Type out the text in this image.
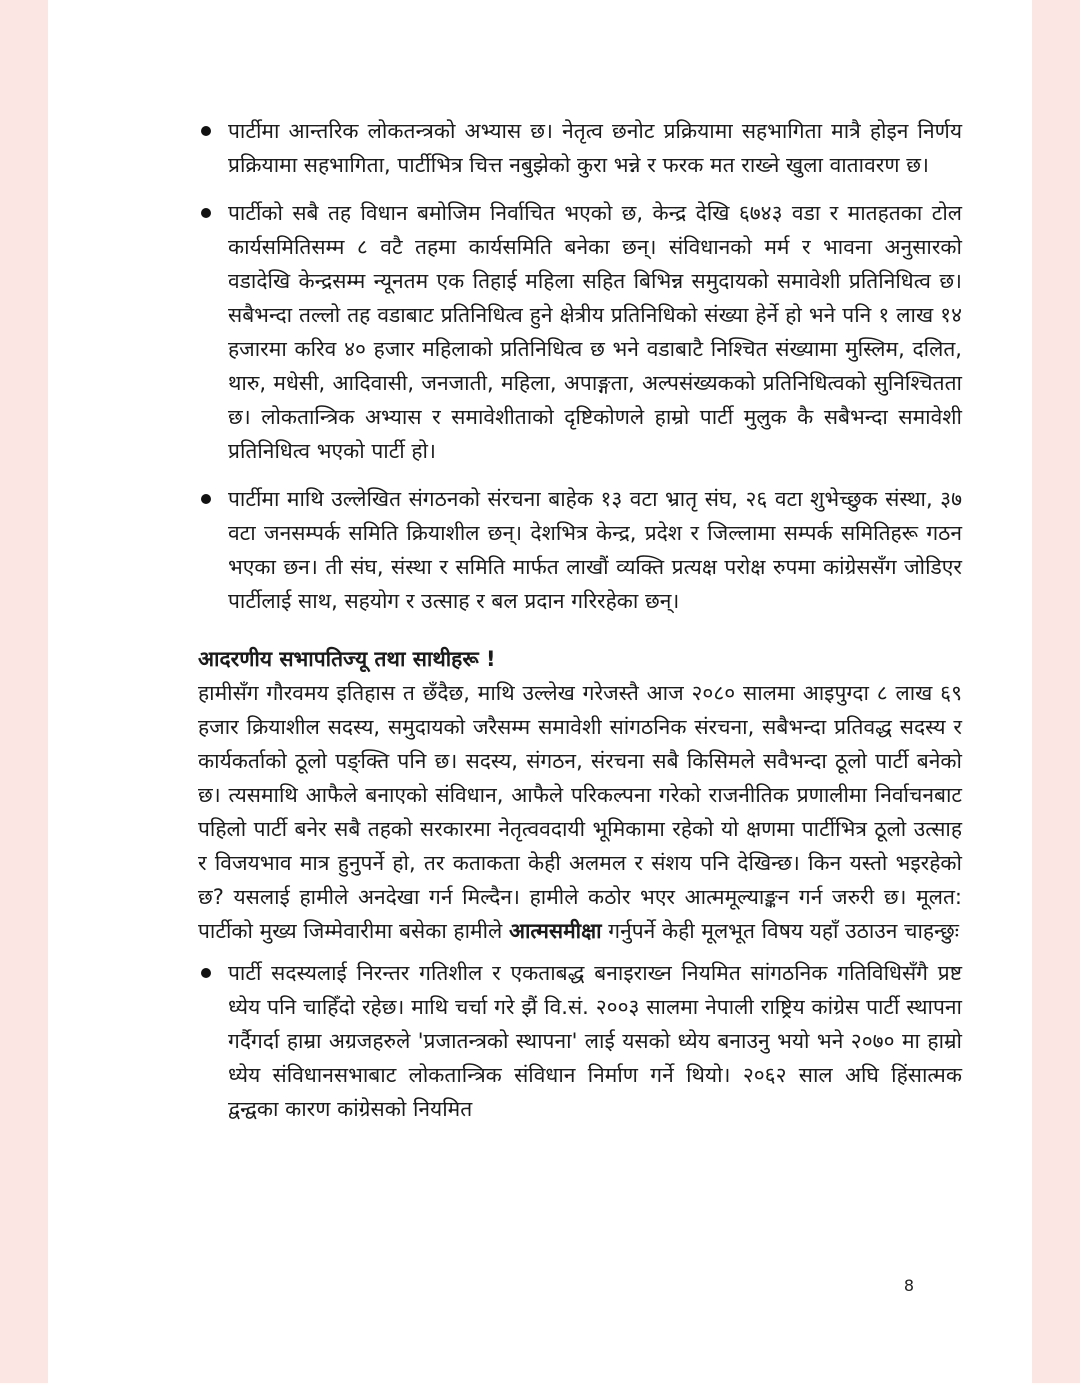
पार्टीमा आन्तरिक लोकतन्त्रको अभ्यास छ। नेतृत्व छनोट प्रक्रियामा सहभागिता मात्रै होइन निर्णय प्रक्रियामा सहभागिता, पार्टीभित्र चित्त नबुझेको कुरा भन्ने र फरक मत राख्ने खुला वातावरण छ।
पार्टीको सबै तह विधान बमोजिम निर्वाचित भएको छ, केन्द्र देखि ६७४३ वडा र मातहतका टोल कार्यसमितिसम्म ८ वटै तहमा कार्यसमिति बनेका छन्। संविधानको मर्म र भावना अनुसारको वडादेखि केन्द्रसम्म न्यूनतम एक तिहाई महिला सहित बिभिन्न समुदायको समावेशी प्रतिनिधित्व छ। सबैभन्दा तल्लो तह वडाबाट प्रतिनिधित्व हुने क्षेत्रीय प्रतिनिधिको संख्या हेर्ने हो भने पनि १ लाख १४ हजारमा करिव ४० हजार महिलाको प्रतिनिधित्व छ भने वडाबाटै निश्चित संख्यामा मुस्लिम, दलित, थारु, मधेसी, आदिवासी, जनजाती, महिला, अपाङ्गता, अल्पसंख्यकको प्रतिनिधित्वको सुनिश्चितता छ। लोकतान्त्रिक अभ्यास र समावेशीताको दृष्टिकोणले हाम्रो पार्टी मुलुक कै सबैभन्दा समावेशी प्रतिनिधित्व भएको पार्टी हो।
पार्टीमा माथि उल्लेखित संगठनको संरचना बाहेक १३ वटा भ्रातृ संघ, २६ वटा शुभेच्छुक संस्था, ३७ वटा जनसम्पर्क समिति क्रियाशील छन्। देशभित्र केन्द्र, प्रदेश र जिल्लामा सम्पर्क समितिहरू गठन भएका छन। ती संघ, संस्था र समिति मार्फत लाखौं व्यक्ति प्रत्यक्ष परोक्ष रुपमा कांग्रेससँग जोडिएर पार्टीलाई साथ, सहयोग र उत्साह र बल प्रदान गरिरहेका छन्।
आदरणीय सभापतिज्यू तथा साथीहरू !

हामीसँग गौरवमय इतिहास त छँदैछ, माथि उल्लेख गरेजस्तै आज २०८० सालमा आइपुग्दा ८ लाख ६९ हजार क्रियाशील सदस्य, समुदायको जरैसम्म समावेशी सांगठनिक संरचना, सबैभन्दा प्रतिवद्ध सदस्य र कार्यकर्ताको ठूलो पङ्क्ति पनि छ। सदस्य, संगठन, संरचना सबै किसिमले सवैभन्दा ठूलो पार्टी बनेको छ। त्यसमाथि आफैले बनाएको संविधान, आफैले परिकल्पना गरेको राजनीतिक प्रणालीमा निर्वाचनबाट पहिलो पार्टी बनेर सबै तहको सरकारमा नेतृत्ववदायी भूमिकामा रहेको यो क्षणमा पार्टीभित्र ठूलो उत्साह र विजयभाव मात्र हुनुपर्ने हो, तर कताकता केही अलमल र संशय पनि देखिन्छ। किन यस्तो भइरहेको छ? यसलाई हामीले अनदेखा गर्न मिल्दैन। हामीले कठोर भएर आत्ममूल्याङ्कन गर्न जरुरी छ। मूलत: पार्टीको मुख्य जिम्मेवारीमा बसेका हामीले आत्मसमीक्षा गर्नुपर्ने केही मूलभूत विषय यहाँ उठाउन चाहन्छुः

पार्टी सदस्यलाई निरन्तर गतिशील र एकताबद्ध बनाइराख्न नियमित सांगठनिक गतिविधिसँगै प्रष्ट ध्येय पनि चाहिँदो रहेछ। माथि चर्चा गरे झैं वि.सं. २००३ सालमा नेपाली राष्ट्रिय कांग्रेस पार्टी स्थापना गर्दैगर्दा हाम्रा अग्रजहरुले 'प्रजातन्त्रको स्थापना' लाई यसको ध्येय बनाउनु भयो भने २०७० मा हाम्रो ध्येय संविधानसभाबाट लोकतान्त्रिक संविधान निर्माण गर्ने थियो। २०६२ साल अघि हिंसात्मक द्वन्द्वका कारण कांग्रेसको नियमित
8
